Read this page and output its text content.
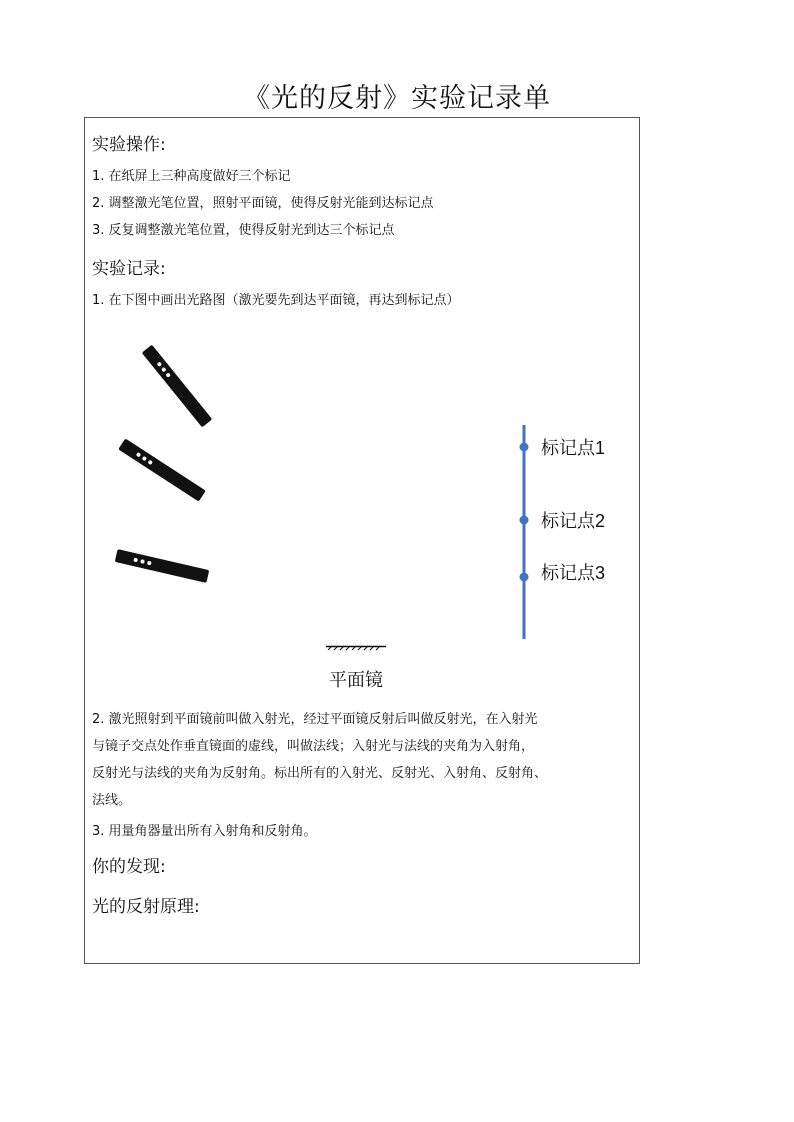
《光的反射》实验记录单
实验操作:
1. 在纸屏上三种高度做好三个标记
2. 调整激光笔位置，照射平面镜，使得反射光能到达标记点
3. 反复调整激光笔位置，使得反射光到达三个标记点
实验记录:
1. 在下图中画出光路图（激光要先到达平面镜，再达到标记点）
2. 激光照射到平面镜前叫做入射光，经过平面镜反射后叫做反射光，在入射光
与镜子交点处作垂直镜面的虚线，叫做法线；入射光与法线的夹角为入射角，
反射光与法线的夹角为反射角。标出所有的入射光、反射光、入射角、反射角、
法线。
3. 用量角器量出所有入射角和反射角。
你的发现:
光的反射原理:
标记点1
标记点2
标记点3
平面镜
